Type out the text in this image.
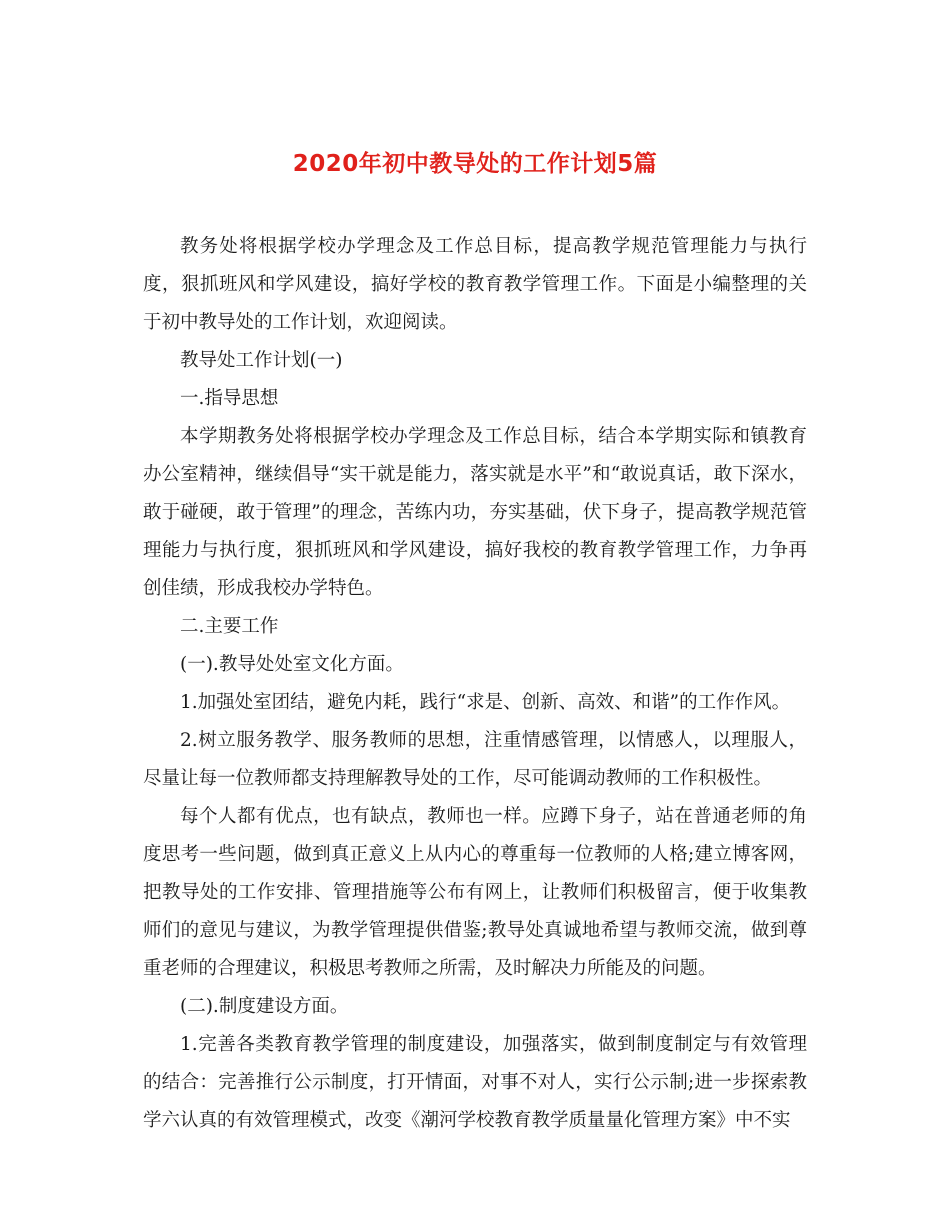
2020年初中教导处的工作计划5篇

教务处将根据学校办学理念及工作总目标，提高教学规范管理能力与执行度，狠抓班风和学风建设，搞好学校的教育教学管理工作。下面是小编整理的关于初中教导处的工作计划，欢迎阅读。

教导处工作计划(一)

一.指导思想

本学期教务处将根据学校办学理念及工作总目标，结合本学期实际和镇教育办公室精神，继续倡导“实干就是能力，落实就是水平”和“敢说真话，敢下深水，敢于碰硬，敢于管理”的理念，苦练内功，夯实基础，伏下身子，提高教学规范管理能力与执行度，狠抓班风和学风建设，搞好我校的教育教学管理工作，力争再创佳绩，形成我校办学特色。

二.主要工作

(一).教导处处室文化方面。

1.加强处室团结，避免内耗，践行“求是、创新、高效、和谐”的工作作风。

2.树立服务教学、服务教师的思想，注重情感管理，以情感人，以理服人，尽量让每一位教师都支持理解教导处的工作，尽可能调动教师的工作积极性。

每个人都有优点，也有缺点，教师也一样。应蹲下身子，站在普通老师的角度思考一些问题，做到真正意义上从内心的尊重每一位教师的人格;建立博客网，把教导处的工作安排、管理措施等公布有网上，让教师们积极留言，便于收集教师们的意见与建议，为教学管理提供借鉴;教导处真诚地希望与教师交流，做到尊重老师的合理建议，积极思考教师之所需，及时解决力所能及的问题。

(二).制度建设方面。

1.完善各类教育教学管理的制度建设，加强落实，做到制度制定与有效管理的结合：完善推行公示制度，打开情面，对事不对人，实行公示制;进一步探索教学六认真的有效管理模式，改变《潮河学校教育教学质量量化管理方案》中不实
